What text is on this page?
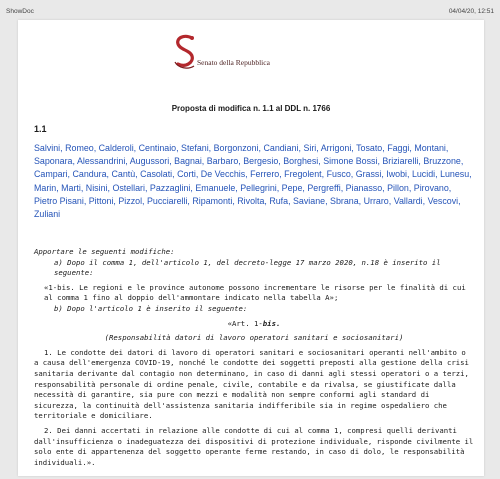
ShowDoc	04/04/20, 12:51
Senato della Repubblica
Proposta di modifica n. 1.1 al DDL n. 1766
1.1
Salvini, Romeo, Calderoli, Centinaio, Stefani, Borgonzoni, Candiani, Siri, Arrigoni, Tosato, Faggi, Montani, Saponara, Alessandrini, Augussori, Bagnai, Barbaro, Bergesio, Borghesi, Simone Bossi, Briziarelli, Bruzzone, Campari, Candura, Cantù, Casolati, Corti, De Vecchis, Ferrero, Fregolent, Fusco, Grassi, Iwobi, Lucidi, Lunesu, Marin, Marti, Nisini, Ostellari, Pazzaglini, Emanuele, Pellegrini, Pepe, Pergreffi, Pianasso, Pillon, Pirovano, Pietro Pisani, Pittoni, Pizzol, Pucciarelli, Ripamonti, Rivolta, Rufa, Saviane, Sbrana, Urraro, Vallardi, Vescovi, Zuliani

Apportare le seguenti modifiche:

a) Dopo il comma 1, dell'articolo 1, del decreto-legge 17 marzo 2020, n.18 è inserito il seguente:

«1-bis. Le regioni e le province autonome possono incrementare le risorse per le finalità di cui al comma 1 fino al doppio dell'ammontare indicato nella tabella A»;

b) Dopo l'articolo 1 è inserito il seguente:

«Art. 1-bis.

(Responsabilità datori di lavoro operatori sanitari e sociosanitari)

1. Le condotte dei datori di lavoro di operatori sanitari e sociosanitari operanti nell'ambito o a causa dell'emergenza COVID-19, nonché le condotte dei soggetti preposti alla gestione della crisi sanitaria derivante dal contagio non determinano, in caso di danni agli stessi operatori o a terzi, responsabilità personale di ordine penale, civile, contabile e da rivalsa, se giustificate dalla necessità di garantire, sia pure con mezzi e modalità non sempre conformi agli standard di sicurezza, la continuità dell'assistenza sanitaria indifferibile sia in regime ospedaliero che territoriale e domiciliare.

2. Dei danni accertati in relazione alle condotte di cui al comma 1, compresi quelli derivanti dall'insufficienza o inadeguatezza dei dispositivi di protezione individuale, risponde civilmente il solo ente di appartenenza del soggetto operante ferme restando, in caso di dolo, le responsabilità individuali.».
